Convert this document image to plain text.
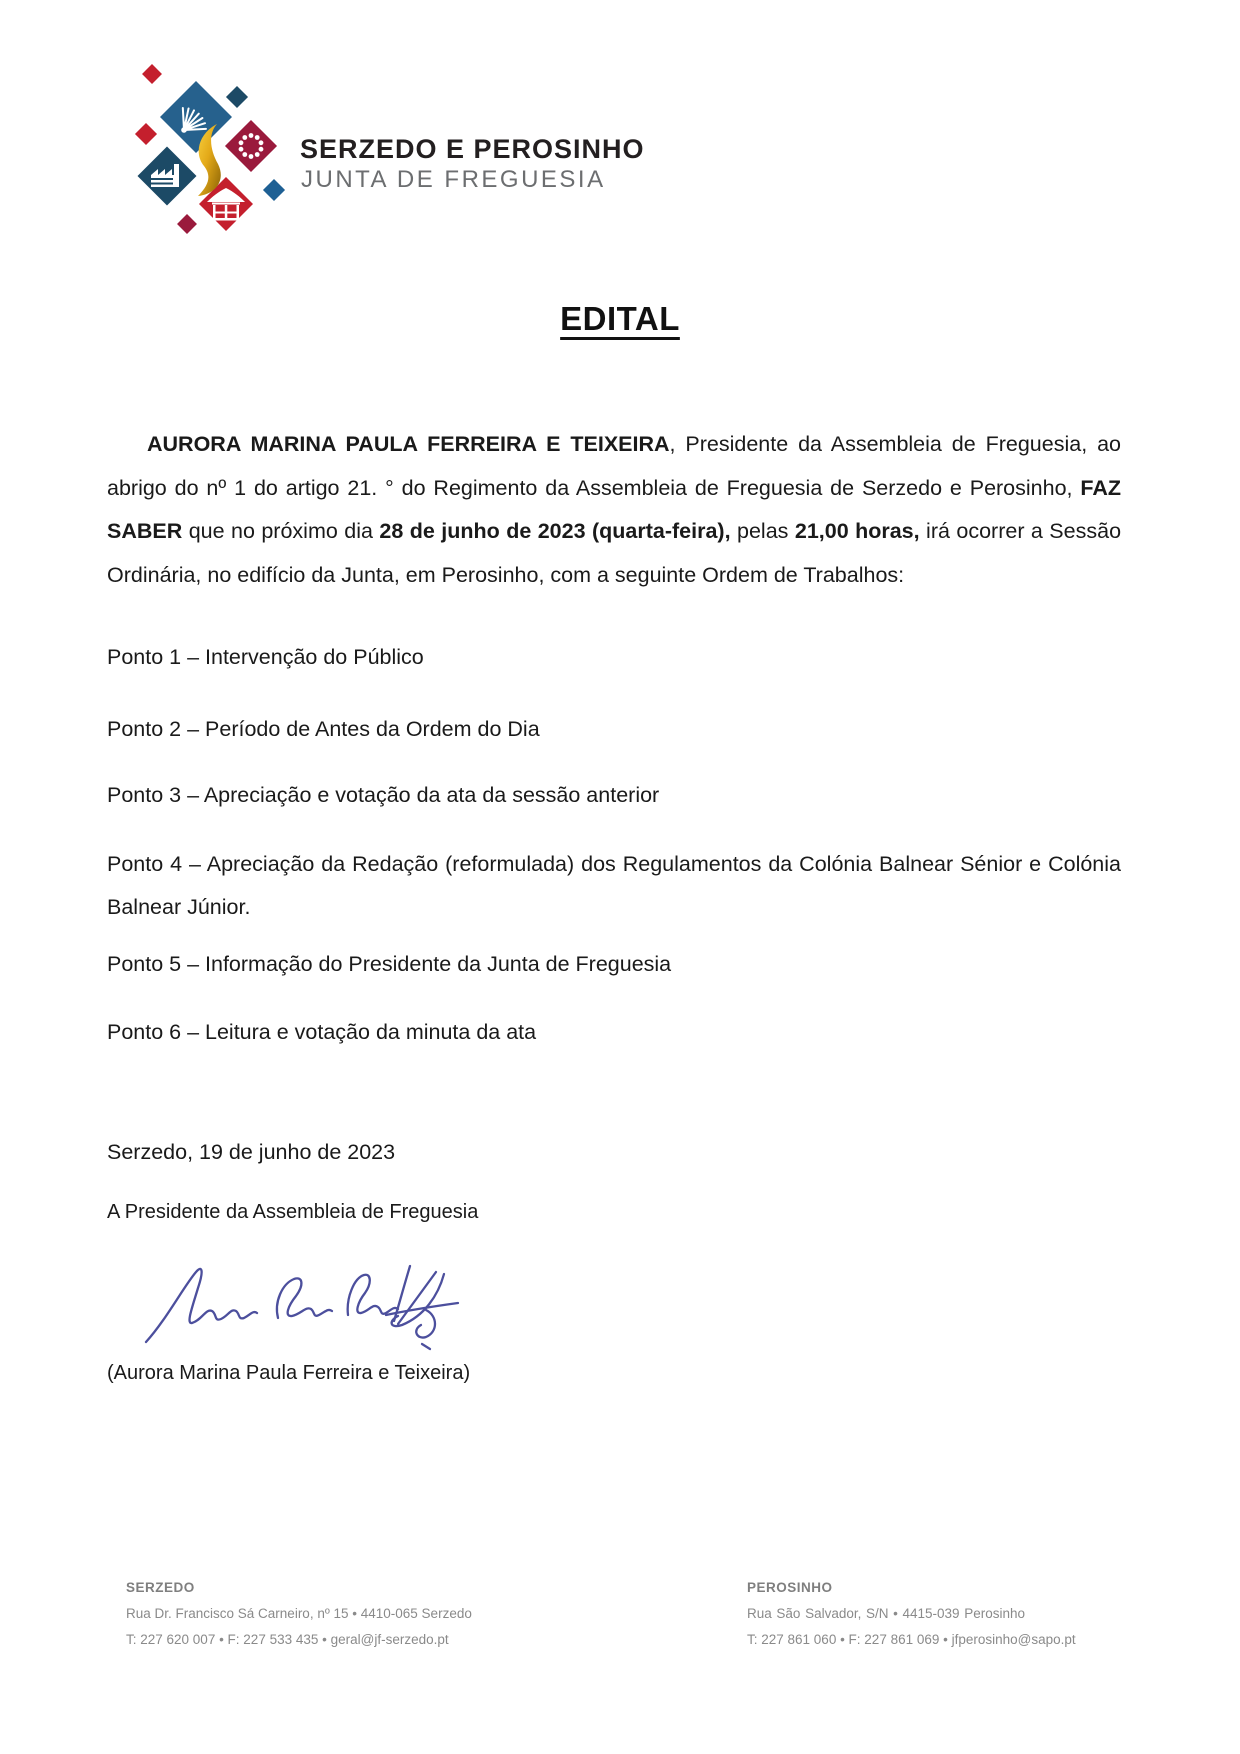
SERZEDO E PEROSINHO
JUNTA DE FREGUESIA
EDITAL

AURORA MARINA PAULA FERREIRA E TEIXEIRA, Presidente da Assembleia de Freguesia, ao abrigo do nº 1 do artigo 21. ° do Regimento da Assembleia de Freguesia de Serzedo e Perosinho, FAZ SABER que no próximo dia 28 de junho de 2023 (quarta-feira), pelas 21,00 horas, irá ocorrer a Sessão Ordinária, no edifício da Junta, em Perosinho, com a seguinte Ordem de Trabalhos:

Ponto 1 – Intervenção do Público

Ponto 2 – Período de Antes da Ordem do Dia

Ponto 3 – Apreciação e votação da ata da sessão anterior

Ponto 4 – Apreciação da Redação (reformulada) dos Regulamentos da Colónia Balnear Sénior e Colónia Balnear Júnior.

Ponto 5 – Informação do Presidente da Junta de Freguesia

Ponto 6 – Leitura e votação da minuta da ata

Serzedo, 19 de junho de 2023

A Presidente da Assembleia de Freguesia

(Aurora Marina Paula Ferreira e Teixeira)

SERZEDO
Rua Dr. Francisco Sá Carneiro, nº 15 • 4410-065 Serzedo
T: 227 620 007 • F: 227 533 435 • geral@jf-serzedo.pt
PEROSINHO
Rua São Salvador, S/N • 4415-039 Perosinho
T: 227 861 060 • F: 227 861 069 • jfperosinho@sapo.pt
